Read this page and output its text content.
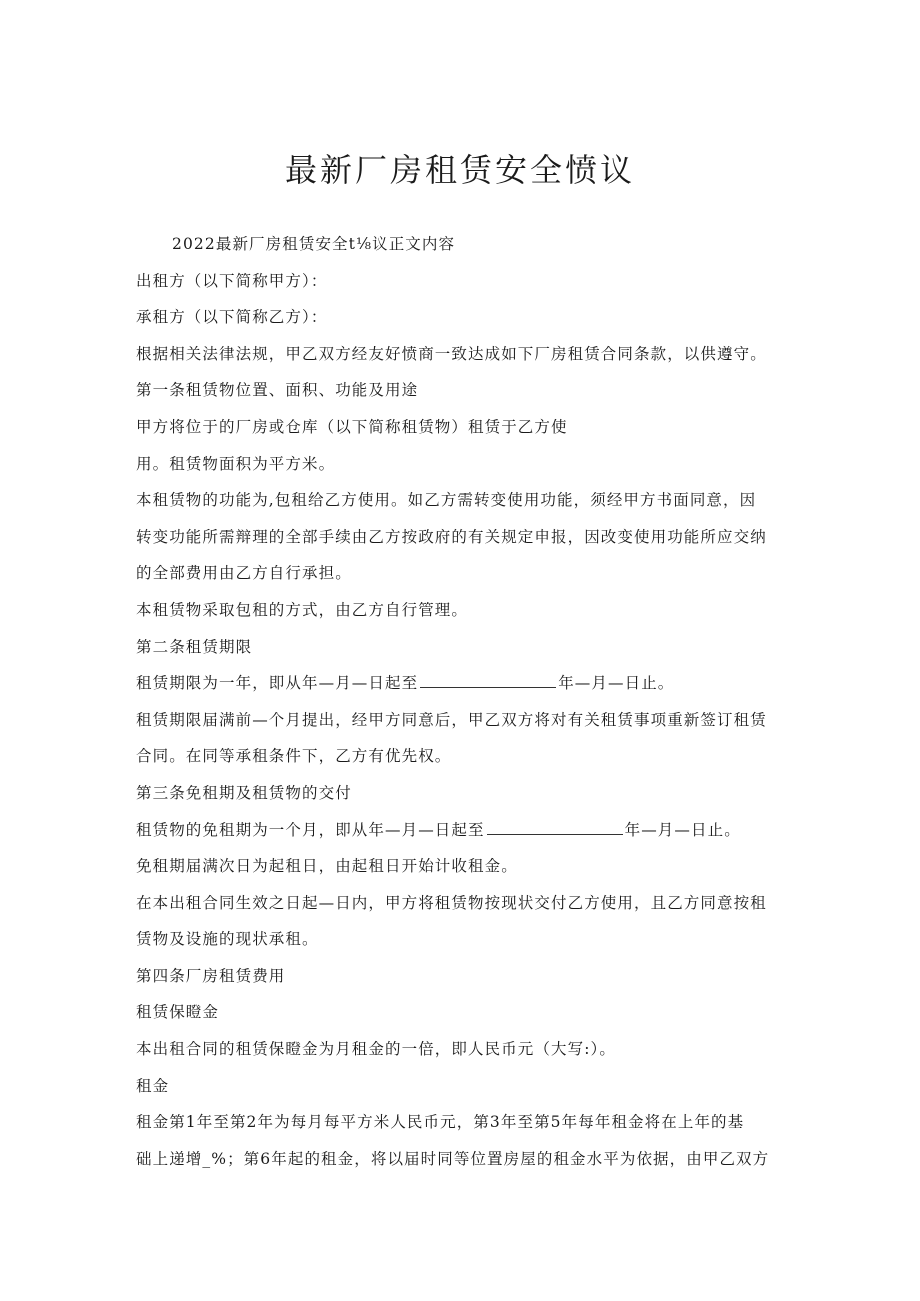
最新厂房租赁安全愤议
2022最新厂房租赁安全t⅛议正文内容
出租方（以下简称甲方）：
承租方（以下简称乙方）：
根据相关法律法规，甲乙双方经友好愤商一致达成如下厂房租赁合同条款，以供遵守。
第一条租赁物位置、面积、功能及用途
甲方将位于的厂房或仓库（以下简称租赁物）租赁于乙方使
用。租赁物面积为平方米。
本租赁物的功能为,包租给乙方使用。如乙方需转变使用功能，须经甲方书面同意，因
转变功能所需辩理的全部手续由乙方按政府的有关规定申报，因改变使用功能所应交纳
的全部费用由乙方自行承担。
本租赁物采取包租的方式，由乙方自行管理。
第二条租赁期限
租赁期限为一年，即从年—月—日起至	年—月—日止。
租赁期限届满前—个月提出，经甲方同意后，甲乙双方将对有关租赁事项重新签订租赁
合同。在同等承租条件下，乙方有优先权。
第三条免租期及租赁物的交付
租赁物的免租期为一个月，即从年—月—日起至	年—月—日止。
免租期届满次日为起租日，由起租日开始计收租金。
在本出租合同生效之日起—日内，甲方将租赁物按现状交付乙方使用，且乙方同意按租
赁物及设施的现状承租。
第四条厂房租赁费用
租赁保瞪金
本出租合同的租赁保瞪金为月租金的一倍，即人民币元（大写:）。
租金
租金第1年至第2年为每月每平方米人民币元，第3年至第5年每年租金将在上年的基
础上递增_%；第6年起的租金，将以届时同等位置房屋的租金水平为依据，由甲乙双方
